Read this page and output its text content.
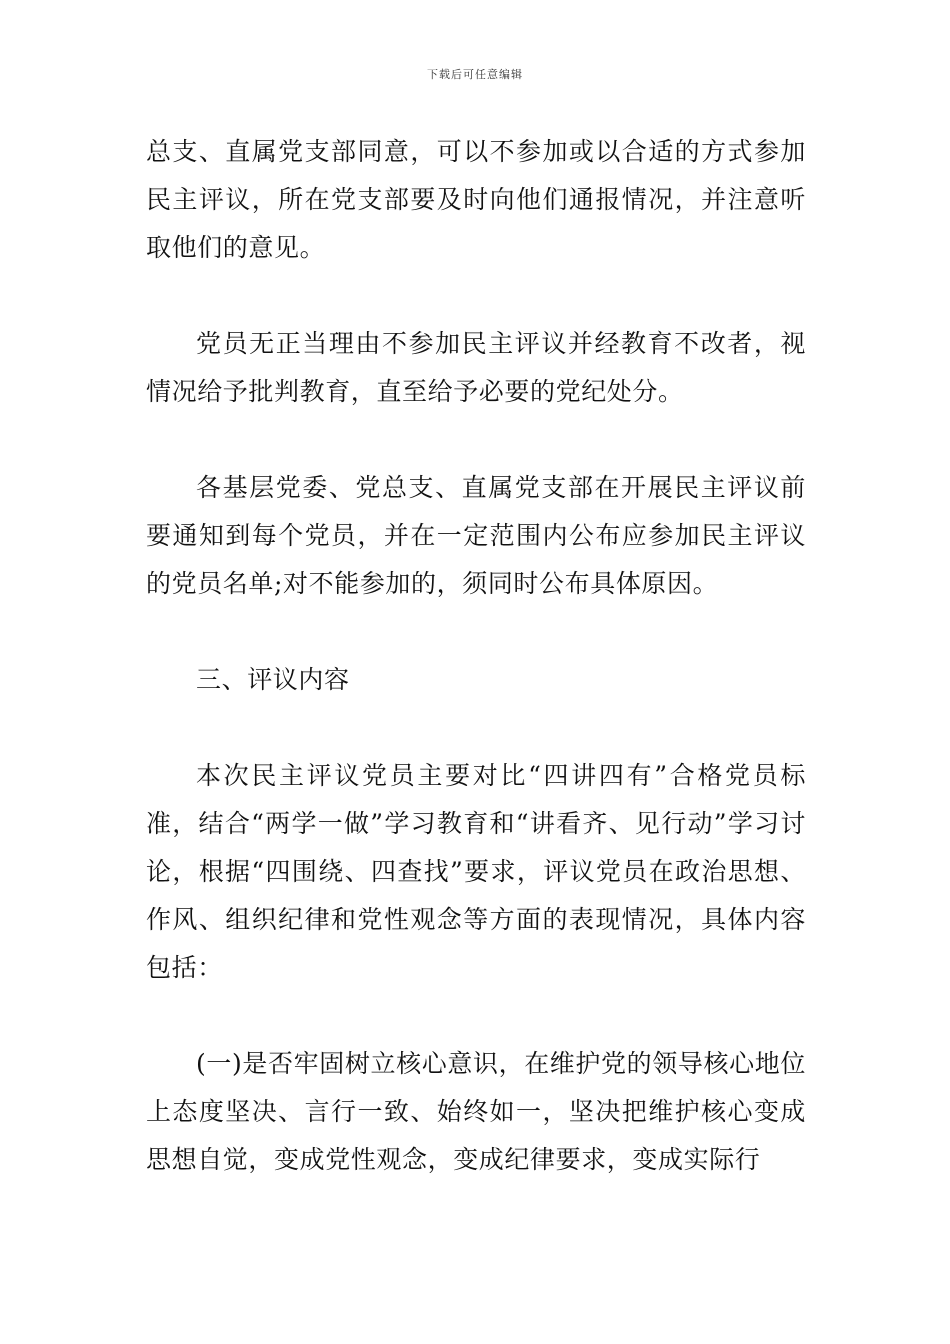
下载后可任意编辑

总支、直属党支部同意，可以不参加或以合适的方式参加民主评议，所在党支部要及时向他们通报情况，并注意听取他们的意见。

党员无正当理由不参加民主评议并经教育不改者，视情况给予批判教育，直至给予必要的党纪处分。

各基层党委、党总支、直属党支部在开展民主评议前要通知到每个党员，并在一定范围内公布应参加民主评议的党员名单;对不能参加的，须同时公布具体原因。

三、评议内容

本次民主评议党员主要对比“四讲四有”合格党员标准，结合“两学一做”学习教育和“讲看齐、见行动”学习讨论，根据“四围绕、四查找”要求，评议党员在政治思想、作风、组织纪律和党性观念等方面的表现情况，具体内容包括：

(一)是否牢固树立核心意识，在维护党的领导核心地位上态度坚决、言行一致、始终如一，坚决把维护核心变成思想自觉，变成党性观念，变成纪律要求，变成实际行
